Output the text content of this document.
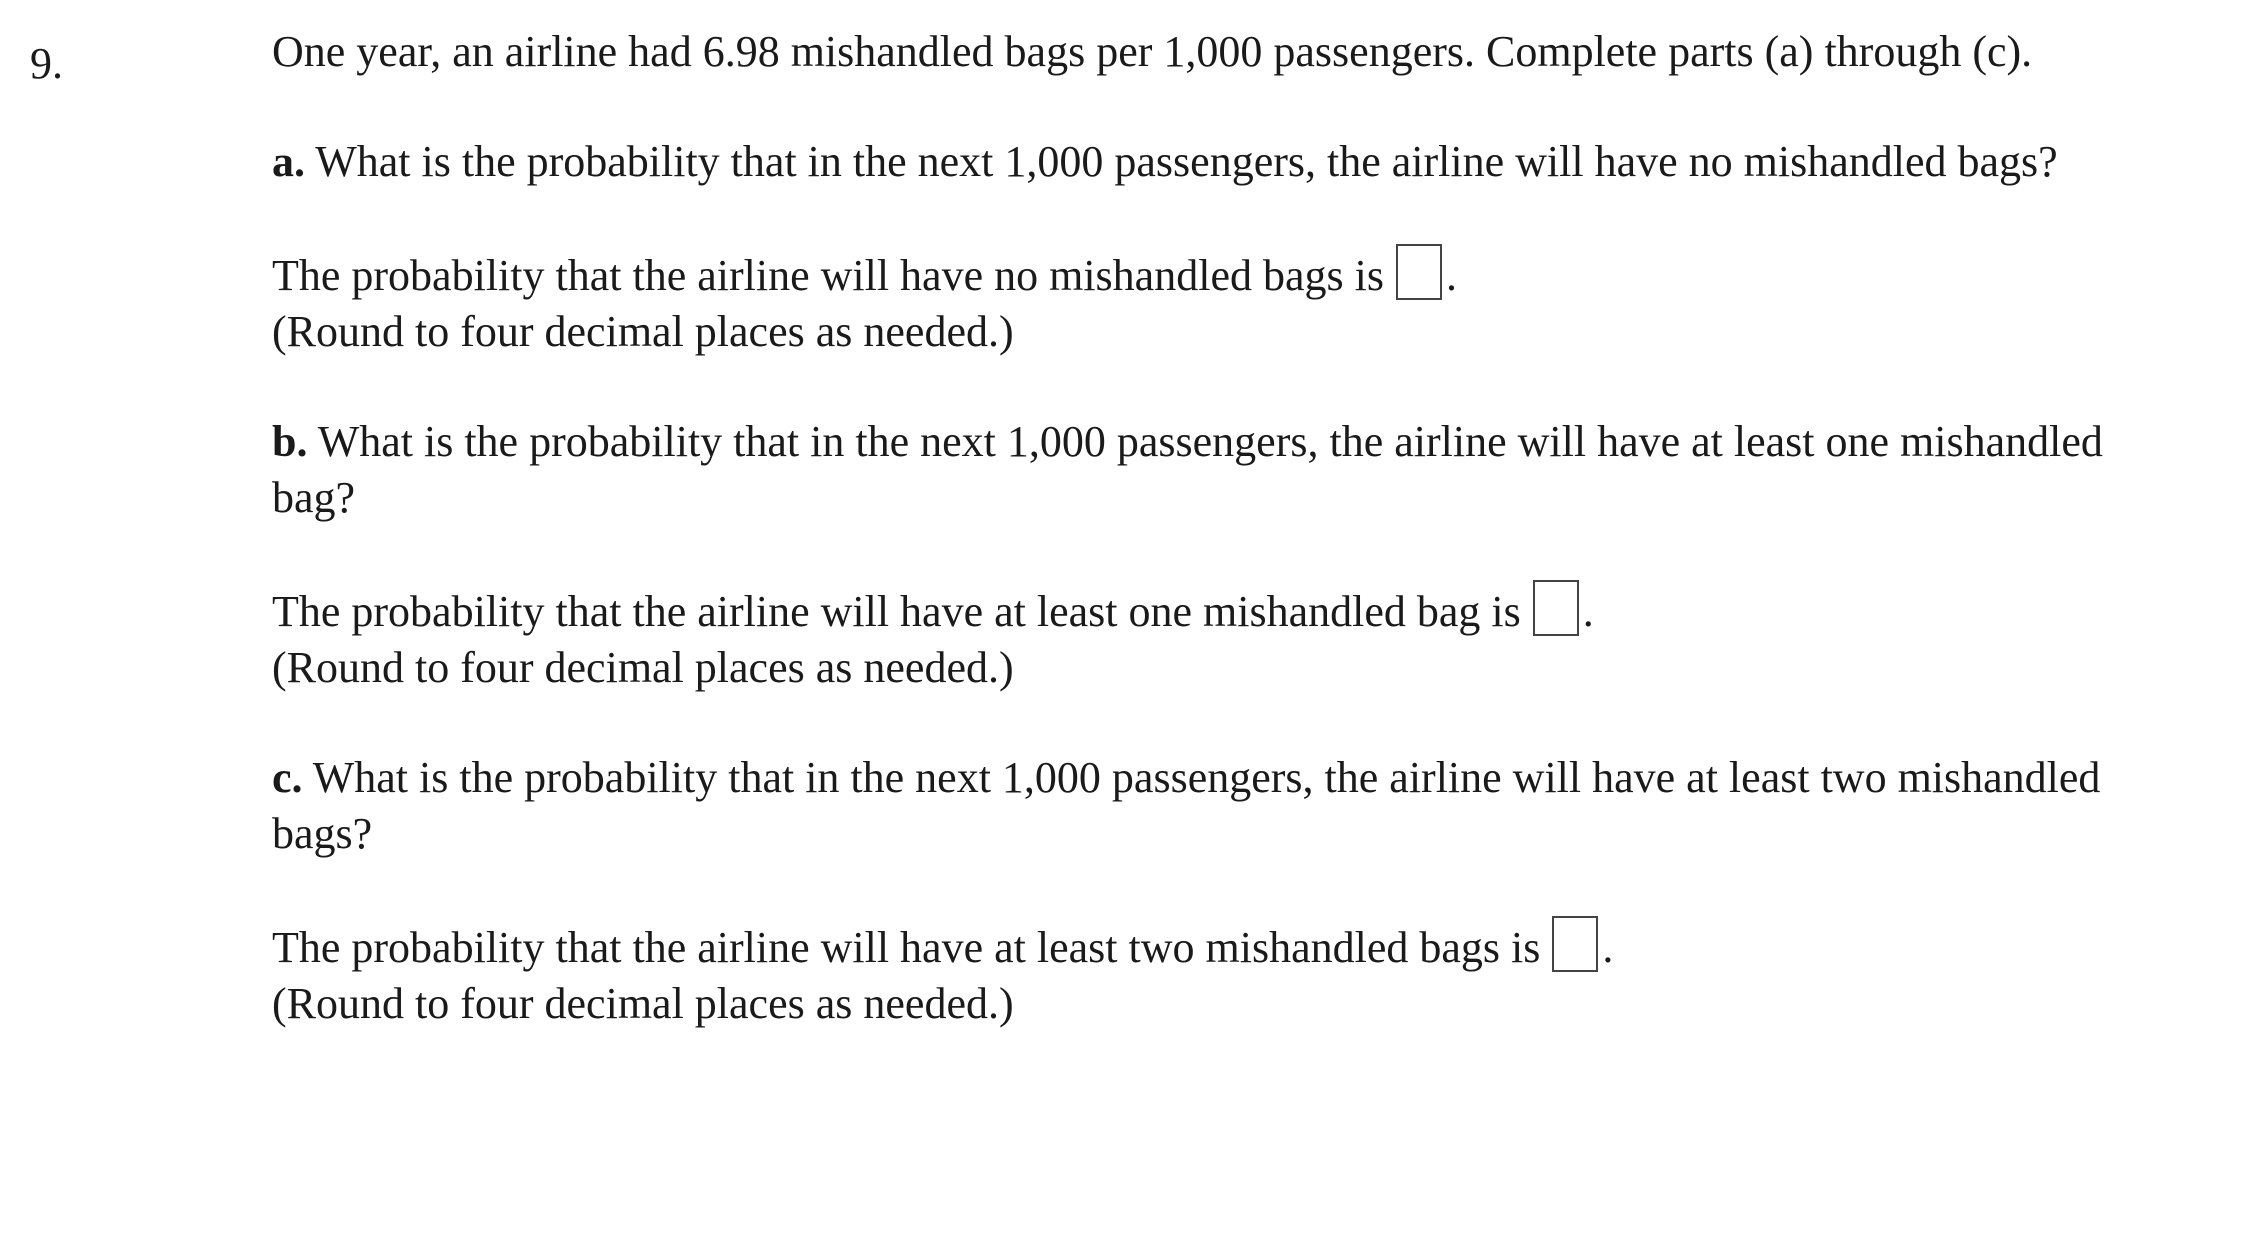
9.	One year, an airline had 6.98 mishandled bags per 1,000 passengers. Complete parts (a) through (c).

a. What is the probability that in the next 1,000 passengers, the airline will have no mishandled bags?

The probability that the airline will have no mishandled bags is .

(Round to four decimal places as needed.)

b. What is the probability that in the next 1,000 passengers, the airline will have at least one mishandled bag?

The probability that the airline will have at least one mishandled bag is .

(Round to four decimal places as needed.)

c. What is the probability that in the next 1,000 passengers, the airline will have at least two mishandled bags?

The probability that the airline will have at least two mishandled bags is .

(Round to four decimal places as needed.)
